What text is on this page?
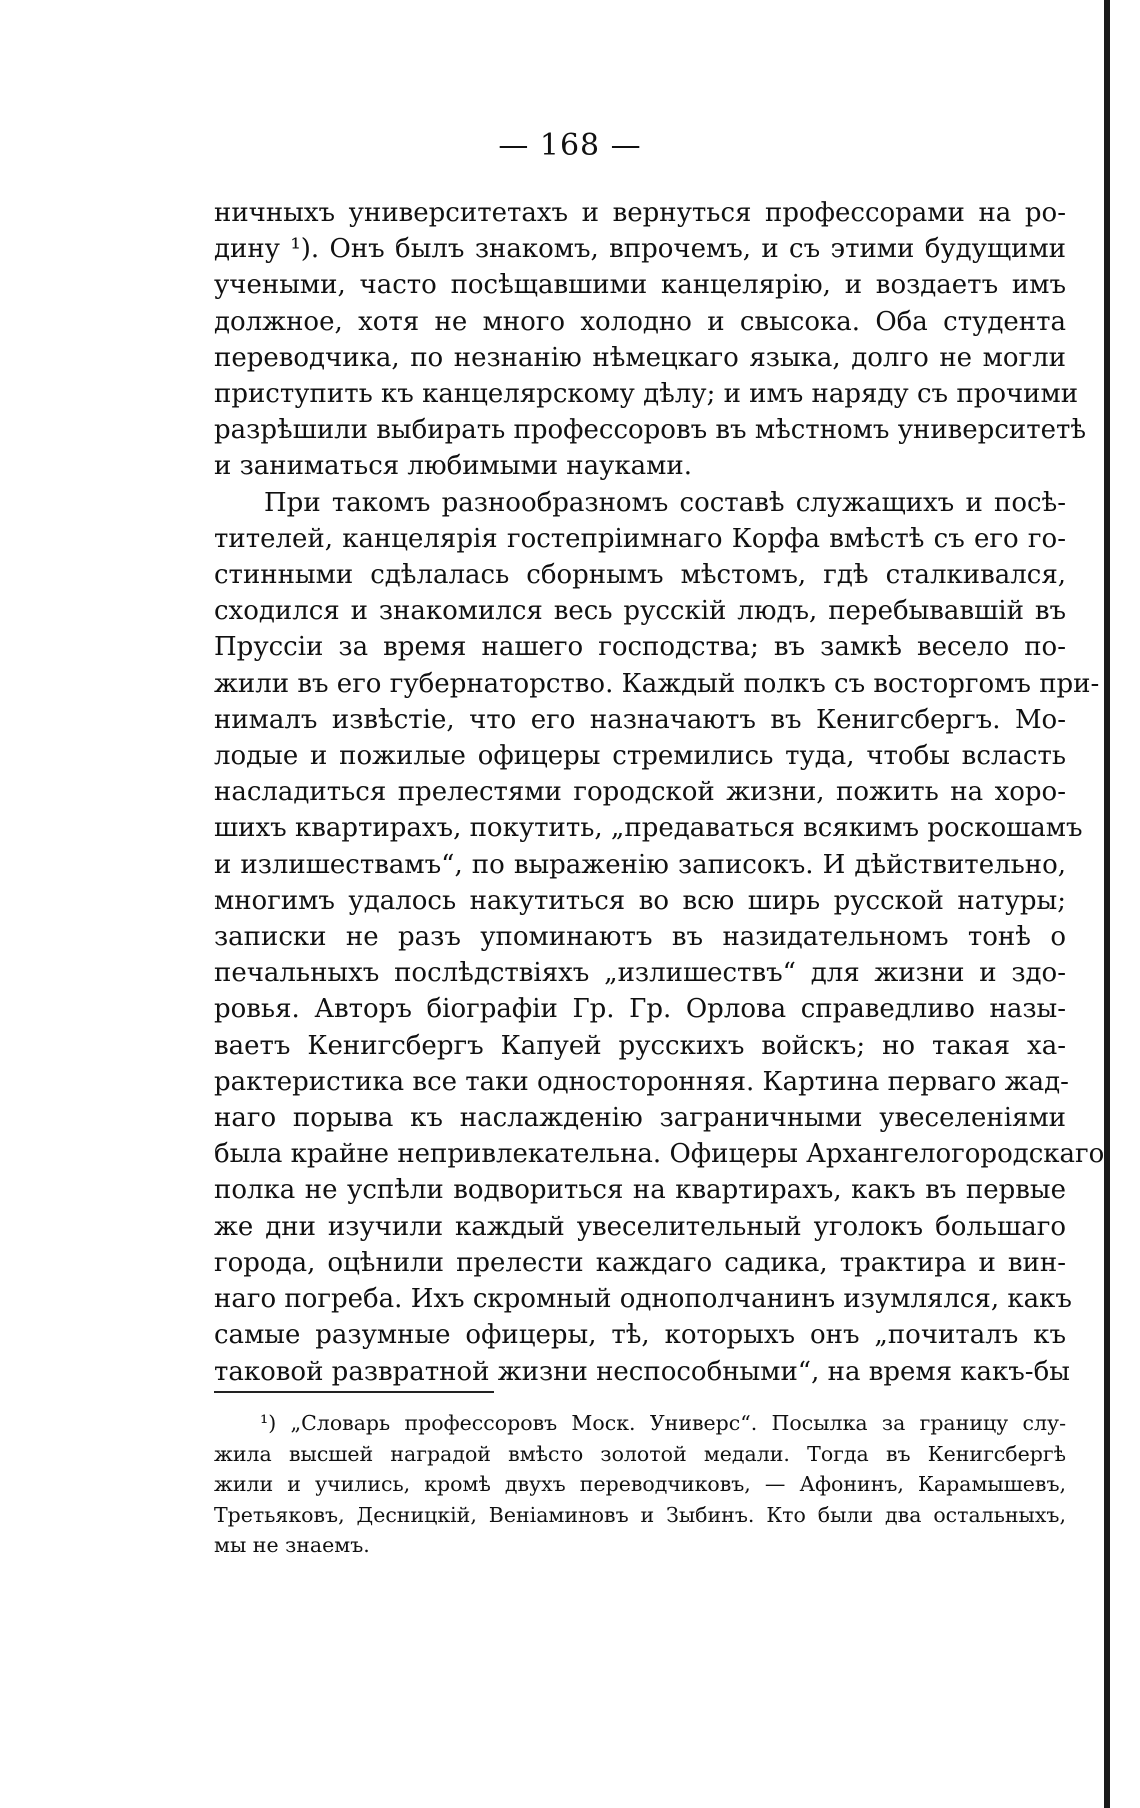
— 168 —
ничныхъ университетахъ и вернуться профессорами на ро-
дину ¹). Онъ былъ знакомъ, впрочемъ, и съ этими будущими
учеными, часто посѣщавшими канцелярію, и воздаетъ имъ
должное, хотя не много холодно и свысока. Оба студента
переводчика, по незнанію нѣмецкаго языка, долго не могли
приступить къ канцелярскому дѣлу; и имъ наряду съ прочими
разрѣшили выбирать профессоровъ въ мѣстномъ университетѣ
и заниматься любимыми науками.
При такомъ разнообразномъ составѣ служащихъ и посѣ-
тителей, канцелярія гостепріимнаго Корфа вмѣстѣ съ его го-
стинными сдѣлалась сборнымъ мѣстомъ, гдѣ сталкивался,
сходился и знакомился весь русскій людъ, перебывавшій въ
Пруссіи за время нашего господства; въ замкѣ весело по-
жили въ его губернаторство. Каждый полкъ съ восторгомъ при-
нималъ извѣстіе, что его назначаютъ въ Кенигсбергъ. Мо-
лодые и пожилые офицеры стремились туда, чтобы всласть
насладиться прелестями городской жизни, пожить на хоро-
шихъ квартирахъ, покутить, „предаваться всякимъ роскошамъ
и излишествамъ“, по выраженію записокъ. И дѣйствительно,
многимъ удалось накутиться во всю ширь русской натуры;
записки не разъ упоминаютъ въ назидательномъ тонѣ о
печальныхъ послѣдствіяхъ „излишествъ“ для жизни и здо-
ровья. Авторъ біографіи Гр. Гр. Орлова справедливо назы-
ваетъ Кенигсбергъ Капуей русскихъ войскъ; но такая ха-
рактеристика все таки односторонняя. Картина перваго жад-
наго порыва къ наслажденію заграничными увеселеніями
была крайне непривлекательна. Офицеры Архангелогородскаго
полка не успѣли водвориться на квартирахъ, какъ въ первые
же дни изучили каждый увеселительный уголокъ большаго
города, оцѣнили прелести каждаго садика, трактира и вин-
наго погреба. Ихъ скромный однополчанинъ изумлялся, какъ
самые разумные офицеры, тѣ, которыхъ онъ „почиталъ къ
таковой развратной жизни неспособными“, на время какъ-бы
¹) „Словарь профессоровъ Моск. Универс“. Посылка за границу слу-
жила высшей наградой вмѣсто золотой медали. Тогда въ Кенигсбергѣ
жили и учились, кромѣ двухъ переводчиковъ, — Афонинъ, Карамышевъ,
Третьяковъ, Десницкій, Веніаминовъ и Зыбинъ. Кто были два остальныхъ,
мы не знаемъ.
